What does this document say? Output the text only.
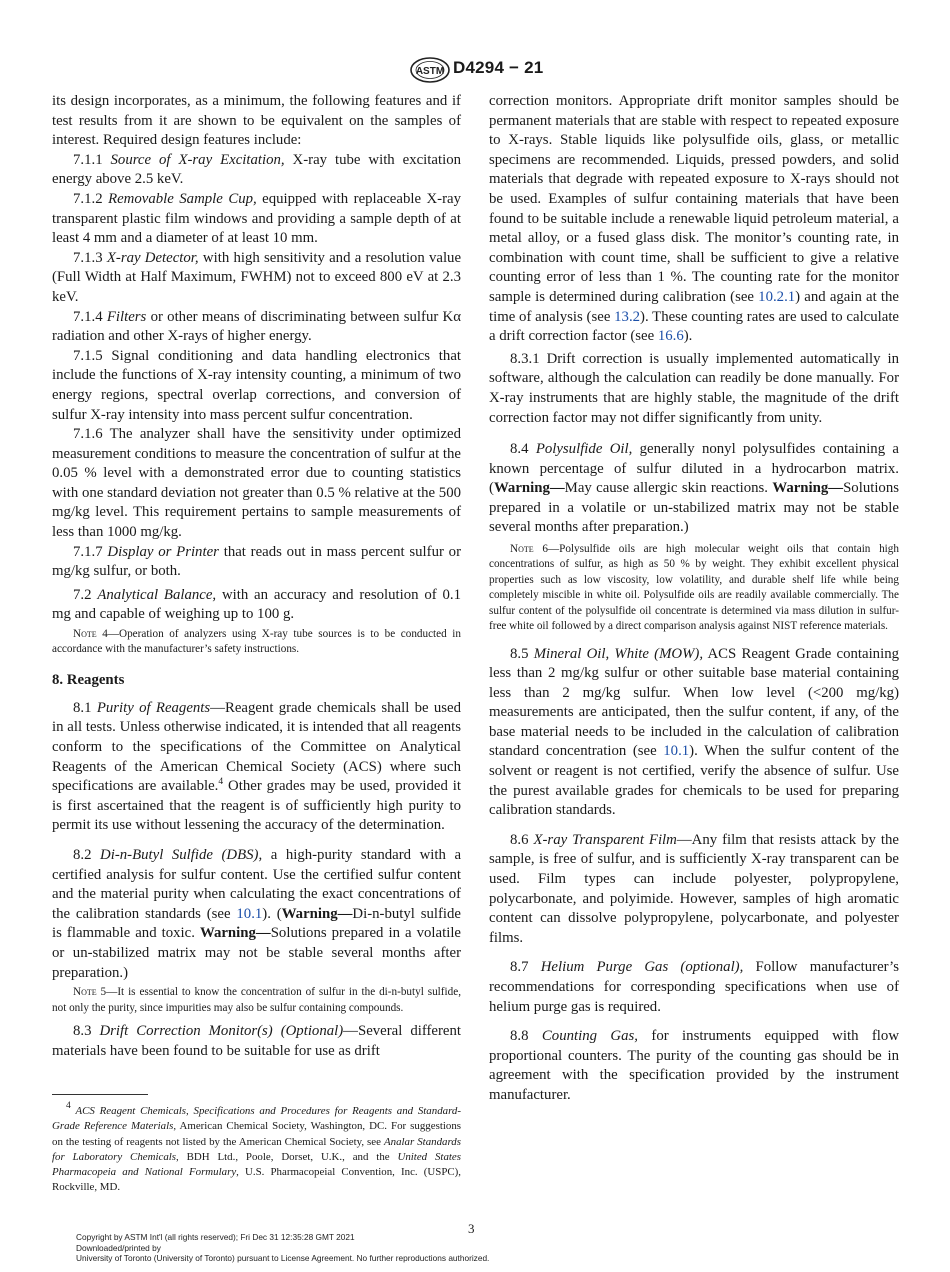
ASTM D4294 − 21

its design incorporates, as a minimum, the following features and if test results from it are shown to be equivalent on the samples of interest. Required design features include:

7.1.1 Source of X-ray Excitation, X-ray tube with excitation energy above 2.5 keV.

7.1.2 Removable Sample Cup, equipped with replaceable X-ray transparent plastic film windows and providing a sample depth of at least 4 mm and a diameter of at least 10 mm.

7.1.3 X-ray Detector, with high sensitivity and a resolution value (Full Width at Half Maximum, FWHM) not to exceed 800 eV at 2.3 keV.

7.1.4 Filters or other means of discriminating between sulfur Kα radiation and other X-rays of higher energy.

7.1.5 Signal conditioning and data handling electronics that include the functions of X-ray intensity counting, a minimum of two energy regions, spectral overlap corrections, and conversion of sulfur X-ray intensity into mass percent sulfur concentration.

7.1.6 The analyzer shall have the sensitivity under optimized measurement conditions to measure the concentration of sulfur at the 0.05 % level with a demonstrated error due to counting statistics with one standard deviation not greater than 0.5 % relative at the 500 mg/kg level. This requirement pertains to sample measurements of less than 1000 mg/kg.

7.1.7 Display or Printer that reads out in mass percent sulfur or mg/kg sulfur, or both.

7.2 Analytical Balance, with an accuracy and resolution of 0.1 mg and capable of weighing up to 100 g.

Note 4—Operation of analyzers using X-ray tube sources is to be conducted in accordance with the manufacturer’s safety instructions.

8. Reagents

8.1 Purity of Reagents—Reagent grade chemicals shall be used in all tests. Unless otherwise indicated, it is intended that all reagents conform to the specifications of the Committee on Analytical Reagents of the American Chemical Society (ACS) where such specifications are available.$^4$ Other grades may be used, provided it is first ascertained that the reagent is of sufficiently high purity to permit its use without lessening the accuracy of the determination.

8.2 Di-n-Butyl Sulfide (DBS), a high-purity standard with a certified analysis for sulfur content. Use the certified sulfur content and the material purity when calculating the exact concentrations of the calibration standards (see 10.1). (Warning—Di-n-butyl sulfide is flammable and toxic. Warning—Solutions prepared in a volatile or un-stabilized matrix may not be stable several months after preparation.)

Note 5—It is essential to know the concentration of sulfur in the di-n-butyl sulfide, not only the purity, since impurities may also be sulfur containing compounds.

8.3 Drift Correction Monitor(s) (Optional)—Several different materials have been found to be suitable for use as drift

correction monitors. Appropriate drift monitor samples should be permanent materials that are stable with respect to repeated exposure to X-rays. Stable liquids like polysulfide oils, glass, or metallic specimens are recommended. Liquids, pressed powders, and solid materials that degrade with repeated exposure to X-rays should not be used. Examples of sulfur containing materials that have been found to be suitable include a renewable liquid petroleum material, a metal alloy, or a fused glass disk. The monitor’s counting rate, in combination with count time, shall be sufficient to give a relative counting error of less than 1 %. The counting rate for the monitor sample is determined during calibration (see 10.2.1) and again at the time of analysis (see 13.2). These counting rates are used to calculate a drift correction factor (see 16.6).

8.3.1 Drift correction is usually implemented automatically in software, although the calculation can readily be done manually. For X-ray instruments that are highly stable, the magnitude of the drift correction factor may not differ significantly from unity.

8.4 Polysulfide Oil, generally nonyl polysulfides containing a known percentage of sulfur diluted in a hydrocarbon matrix. (Warning—May cause allergic skin reactions. Warning—Solutions prepared in a volatile or un-stabilized matrix may not be stable several months after preparation.)

Note 6—Polysulfide oils are high molecular weight oils that contain high concentrations of sulfur, as high as 50 % by weight. They exhibit excellent physical properties such as low viscosity, low volatility, and durable shelf life while being completely miscible in white oil. Polysulfide oils are readily available commercially. The sulfur content of the polysulfide oil concentrate is determined via mass dilution in sulfur-free white oil followed by a direct comparison analysis against NIST reference materials.

8.5 Mineral Oil, White (MOW), ACS Reagent Grade containing less than 2 mg/kg sulfur or other suitable base material containing less than 2 mg/kg sulfur. When low level (<200 mg/kg) measurements are anticipated, then the sulfur content, if any, of the base material needs to be included in the calculation of calibration standard concentration (see 10.1). When the sulfur content of the solvent or reagent is not certified, verify the absence of sulfur. Use the purest available grades for chemicals to be used for preparing calibration standards.

8.6 X-ray Transparent Film—Any film that resists attack by the sample, is free of sulfur, and is sufficiently X-ray transparent can be used. Film types can include polyester, polypropylene, polycarbonate, and polyimide. However, samples of high aromatic content can dissolve polypropylene, polycarbonate, and polyester films.

8.7 Helium Purge Gas (optional), Follow manufacturer’s recommendations for corresponding specifications when use of helium purge gas is required.

8.8 Counting Gas, for instruments equipped with flow proportional counters. The purity of the counting gas should be in agreement with the specification provided by the instrument manufacturer.

$^4$ ACS Reagent Chemicals, Specifications and Procedures for Reagents and Standard-Grade Reference Materials, American Chemical Society, Washington, DC. For suggestions on the testing of reagents not listed by the American Chemical Society, see Analar Standards for Laboratory Chemicals, BDH Ltd., Poole, Dorset, U.K., and the United States Pharmacopeia and National Formulary, U.S. Pharmacopeial Convention, Inc. (USPC), Rockville, MD.
3
Copyright by ASTM Int'l (all rights reserved); Fri Dec 31 12:35:28 GMT 2021
Downloaded/printed by
University of Toronto (University of Toronto) pursuant to License Agreement. No further reproductions authorized.
